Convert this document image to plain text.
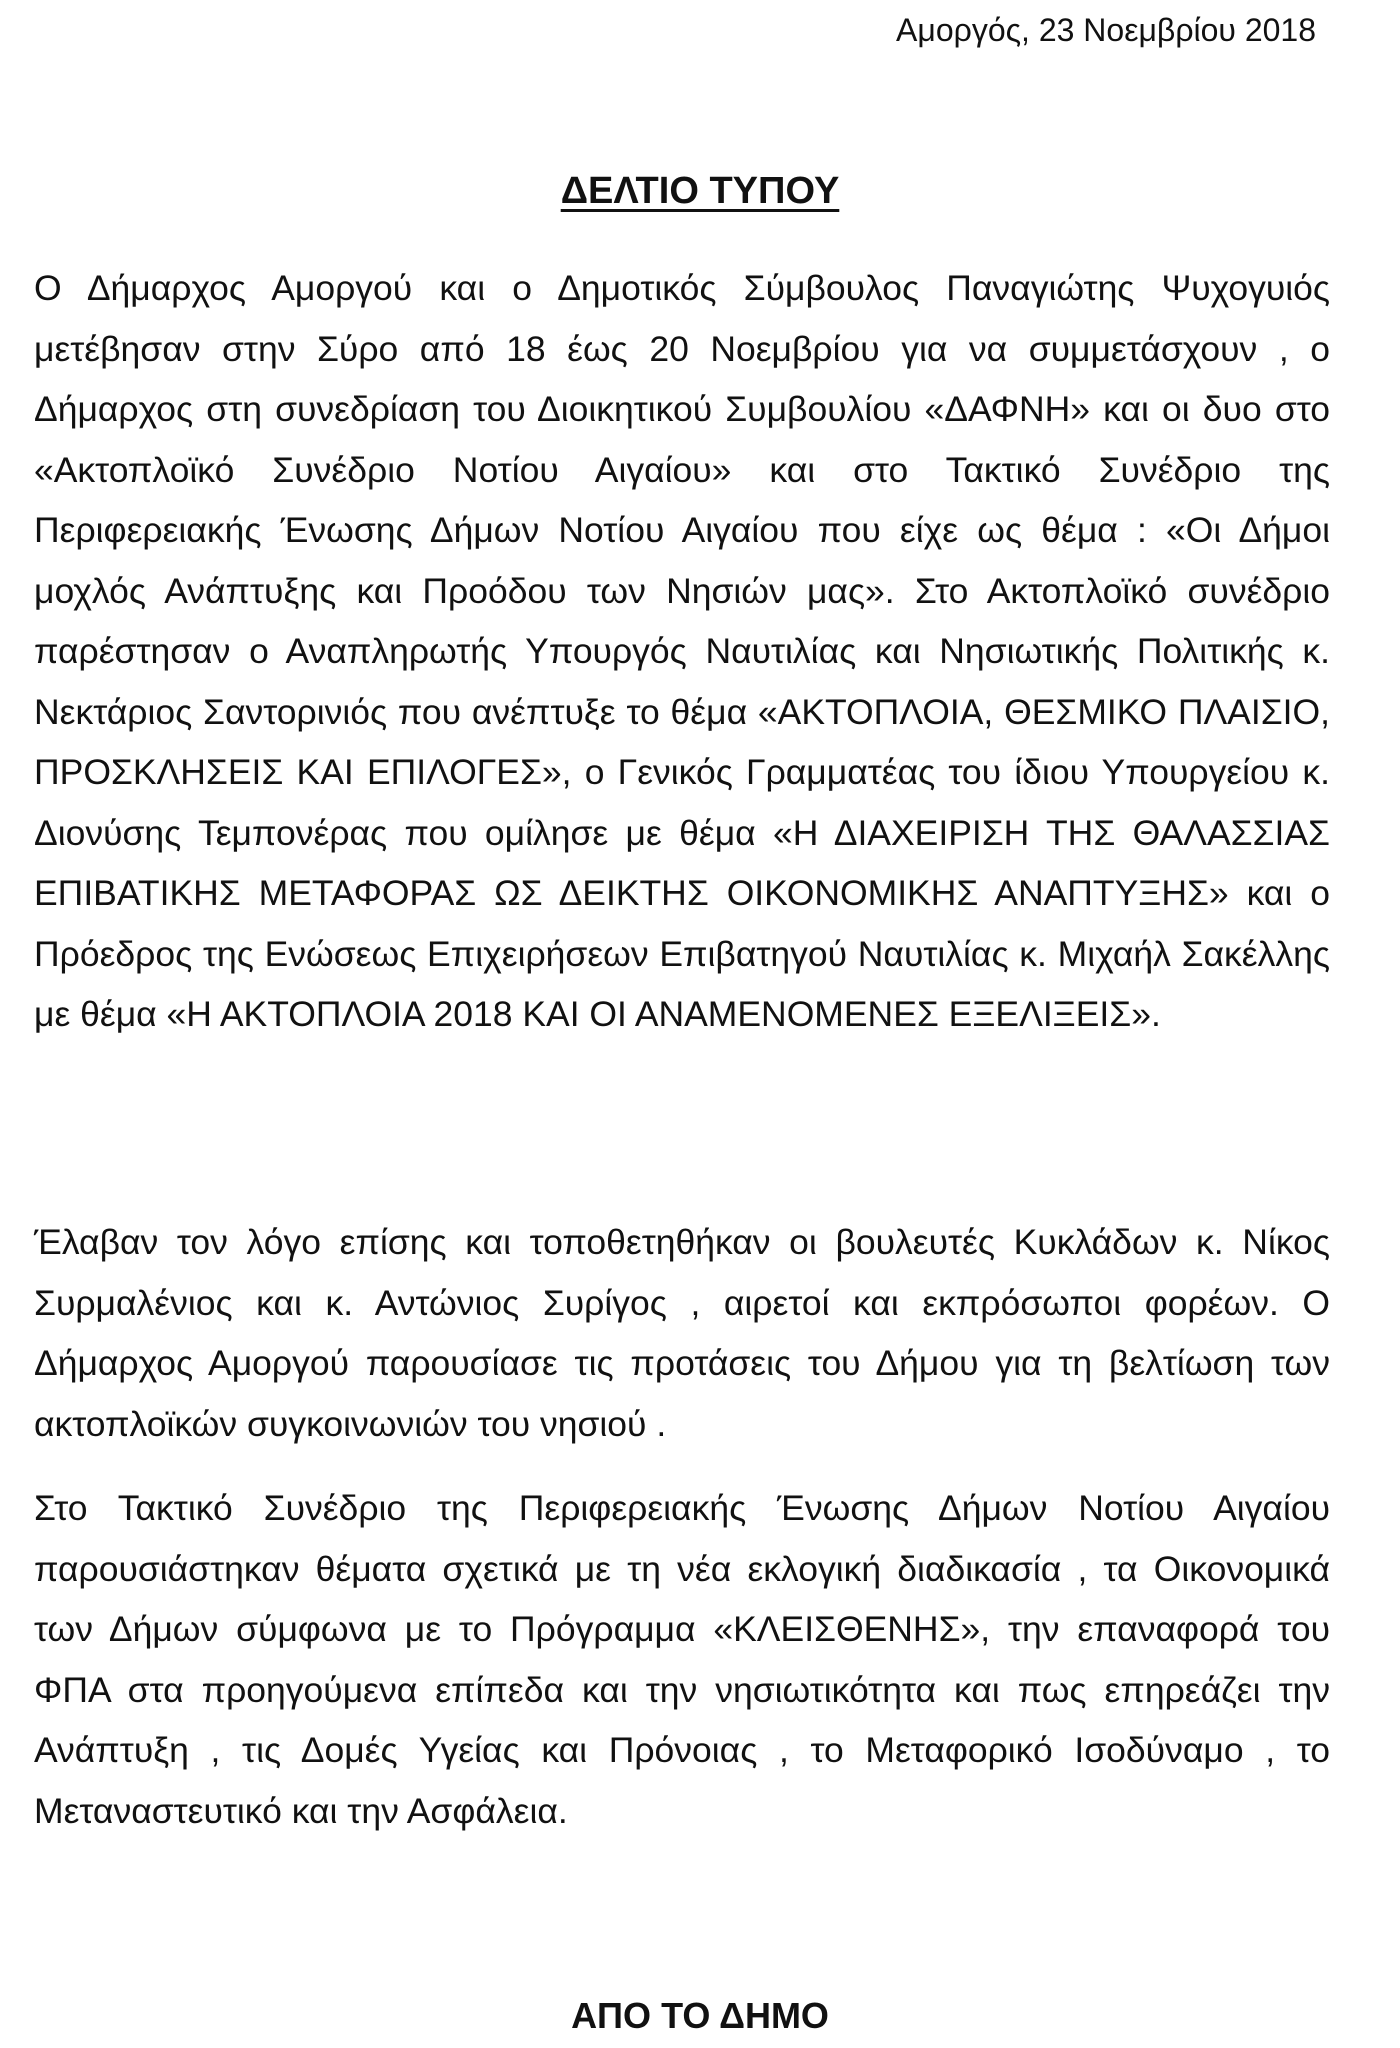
Αμοργός, 23 Νοεμβρίου 2018
ΔΕΛΤΙΟ ΤΥΠΟΥ

Ο Δήμαρχος Αμοργού και ο Δημοτικός Σύμβουλος Παναγιώτης Ψυχογυιός μετέβησαν στην Σύρο από 18 έως 20 Νοεμβρίου για να συμμετάσχουν , ο Δήμαρχος στη συνεδρίαση του Διοικητικού Συμβουλίου «ΔΑΦΝΗ» και οι δυο στο «Ακτοπλοϊκό Συνέδριο Νοτίου Αιγαίου» και στο Τακτικό Συνέδριο της Περιφερειακής Ένωσης Δήμων Νοτίου Αιγαίου που είχε ως θέμα : «Οι Δήμοι μοχλός Ανάπτυξης και Προόδου των Νησιών μας». Στο Ακτοπλοϊκό συνέδριο παρέστησαν ο Αναπληρωτής Υπουργός Ναυτιλίας και Νησιωτικής Πολιτικής κ. Νεκτάριος Σαντορινιός που ανέπτυξε το θέμα «ΑΚΤΟΠΛΟΙΑ, ΘΕΣΜΙΚΟ ΠΛΑΙΣΙΟ, ΠΡΟΣΚΛΗΣΕΙΣ ΚΑΙ ΕΠΙΛΟΓΕΣ», ο Γενικός Γραμματέας του ίδιου Υπουργείου κ. Διονύσης Τεμπονέρας που ομίλησε με θέμα «Η ΔΙΑΧΕΙΡΙΣΗ ΤΗΣ ΘΑΛΑΣΣΙΑΣ ΕΠΙΒΑΤΙΚΗΣ ΜΕΤΑΦΟΡΑΣ ΩΣ ΔΕΙΚΤΗΣ ΟΙΚΟΝΟΜΙΚΗΣ ΑΝΑΠΤΥΞΗΣ» και ο Πρόεδρος της Ενώσεως Επιχειρήσεων Επιβατηγού Ναυτιλίας κ. Μιχαήλ Σακέλλης με θέμα «Η ΑΚΤΟΠΛΟΙΑ 2018 ΚΑΙ ΟΙ ΑΝΑΜΕΝΟΜΕΝΕΣ ΕΞΕΛΙΞΕΙΣ».

Έλαβαν τον λόγο επίσης και τοποθετηθήκαν οι βουλευτές Κυκλάδων κ. Νίκος Συρμαλένιος και κ. Αντώνιος Συρίγος , αιρετοί και εκπρόσωποι φορέων. Ο Δήμαρχος Αμοργού παρουσίασε τις προτάσεις του Δήμου για τη βελτίωση των ακτοπλοϊκών συγκοινωνιών του νησιού .

Στο Τακτικό Συνέδριο της Περιφερειακής Ένωσης Δήμων Νοτίου Αιγαίου παρουσιάστηκαν θέματα σχετικά με τη νέα εκλογική διαδικασία , τα Οικονομικά των Δήμων σύμφωνα με το Πρόγραμμα «ΚΛΕΙΣΘΕΝΗΣ», την επαναφορά του ΦΠΑ στα προηγούμενα επίπεδα και την νησιωτικότητα και πως επηρεάζει την Ανάπτυξη , τις Δομές Υγείας και Πρόνοιας , το Μεταφορικό Ισοδύναμο , το Μεταναστευτικό και την Ασφάλεια.

ΑΠΟ ΤΟ ΔΗΜΟ
